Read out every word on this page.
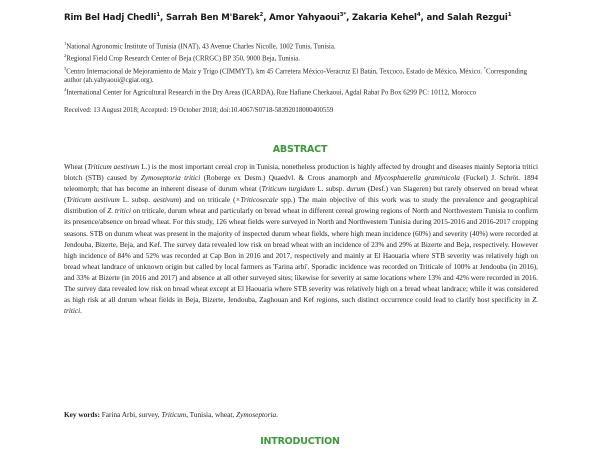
Rim Bel Hadj Chedli$^1$, Sarrah Ben M'Barek$^2$, Amor Yahyaoui$^{3*}$, Zakaria Kehel$^4$, and Salah Rezgui$^1$
$^1$National Agronomic Institute of Tunisia (INAT), 43 Avenue Charles Nicolle, 1002 Tunis, Tunisia.
$^2$Regional Field Crop Research Center of Beja (CRRGC) BP 350, 9000 Beja, Tunisia.
$^3$Centro Internacional de Mejoramiento de Maiz y Trigo (CIMMYT), km 45 Carretera México-Veracruz El Batán, Texcoco, Estado de México, México. *Corresponding author (ah.yahyaoui@cgiar.org).
$^4$International Center for Agricultural Research in the Dry Areas (ICARDA), Rue Hafiane Cherkaoui, Agdal Rabat Po Box 6299 PC: 10112, Morocco
Received: 13 August 2018; Accepted: 19 October 2018; doi:10.4067/S0718-58392018000400559
ABSTRACT
Wheat (Triticum aestivum L.) is the most important cereal crop in Tunisia, nonetheless production is highly affected by drought and diseases mainly Septoria tritici blotch (STB) caused by Zymoseptoria tritici (Roberge ex Desm.) Quaedvl. & Crous anamorph and Mycosphaerella graminicola (Fuckel) J. Schröt. 1894 teleomorph; that has become an inherent disease of durum wheat (Triticum turgidum L. subsp. durum (Desf.) van Slageren) but rarely observed on bread wheat (Triticum aestivum L. subsp. aestivum) and on triticale (×Triticosecale spp.) The main objective of this work was to study the prevalence and geographical distribution of Z. tritici on triticale, durum wheat and particularly on bread wheat in different cereal growing regions of North and Northwestern Tunisia to confirm its presence/absence on bread wheat. For this study, 126 wheat fields were surveyed in North and Northwestern Tunisia during 2015-2016 and 2016-2017 cropping seasons. STB on durum wheat was present in the majority of inspected durum wheat fields, where high mean incidence (60%) and severity (40%) were recorded at Jendouba, Bizerte, Beja, and Kef. The survey data revealed low risk on bread wheat with an incidence of 23% and 29% at Bizerte and Beja, respectively. However high incidence of 84% and 52% was recorded at Cap Bon in 2016 and 2017, respectively and mainly at El Haouaria where STB severity was relatively high on bread wheat landrace of unknown origin but called by local farmers as 'Farina arbi'. Sporadic incidence was recorded on Triticale of 100% at Jendouba (in 2016), and 33% at Bizerte (in 2016 and 2017) and absence at all other surveyed sites; likewise for severity at same locations where 13% and 42% were recorded in 2016. The survey data revealed low risk on bread wheat except at El Haouaria where STB severity was relatively high on a bread wheat landrace; while it was considered as high risk at all durum wheat fields in Beja, Bizerte, Jendouba, Zaghouan and Kef regions, such distinct occurrence could lead to clarify host specificity in Z. tritici.
Key words: Farina Arbi, survey, Triticum, Tunisia, wheat, Zymoseptoria.
INTRODUCTION
